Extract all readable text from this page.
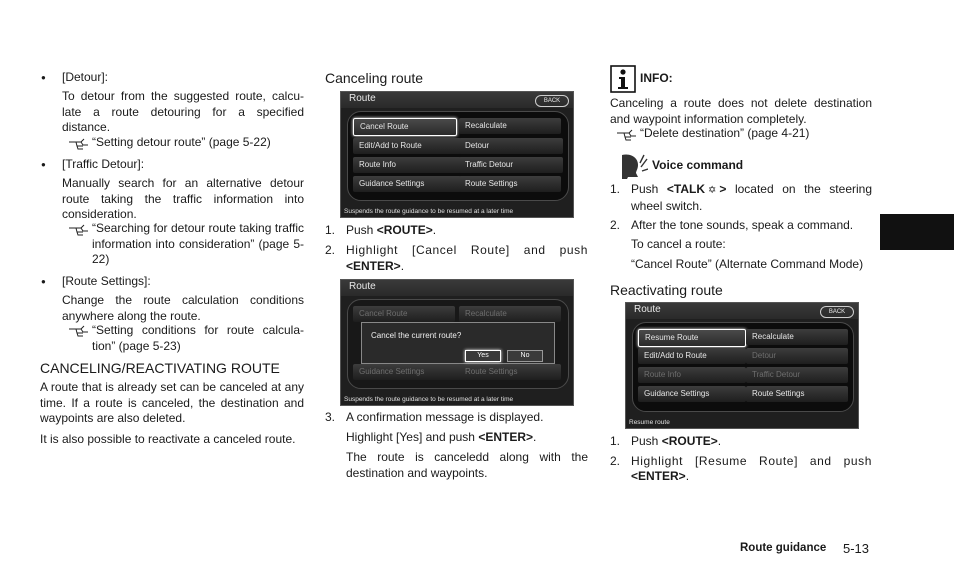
● [Detour]:
To detour from the suggested route, calcu-late a route detouring for a specified distance.
“Setting detour route” (page 5-22)
● [Traffic Detour]:
Manually search for an alternative detour route taking the traffic information into consideration.
“Searching for detour route taking traffic information into consideration” (page 5-22)
● [Route Settings]:
Change the route calculation conditions anywhere along the route.
“Setting conditions for route calcula-tion” (page 5-23)
CANCELING/REACTIVATING ROUTE
A route that is already set can be canceled at any time. If a route is canceled, the destination and waypoints are also deleted.
It is also possible to reactivate a canceled route.
Canceling route
Route	BACK
Cancel Route	Recalculate
Edit/Add to Route	Detour
Route Info	Traffic Detour
Guidance Settings	Route Settings
Suspends the route guidance to be resumed at a later time
1. Push <ROUTE>.
2. Highlight [Cancel Route] and push
<ENTER>.
Route
Cancel Route	Recalculate
Guidance Settings	Route Settings
Cancel the current route?
Yes	No
Suspends the route guidance to be resumed at a later time
3. A confirmation message is displayed.
Highlight [Yes] and push <ENTER>.
The route is canceledd along with the destination and waypoints.
INFO:
Canceling a route does not delete destination and waypoint information completely.
“Delete destination” (page 4-21)
Voice command
1. Push <TALK ✡ > located on the steering wheel switch.
2. After the tone sounds, speak a command.
To cancel a route:
“Cancel Route” (Alternate Command Mode)
Reactivating route
Route	BACK
Resume Route	Recalculate
Edit/Add to Route	Detour
Route Info	Traffic Detour
Guidance Settings	Route Settings
Resume route
1. Push <ROUTE>.
2. Highlight [Resume Route] and push
<ENTER>.
Route guidance 5-13
